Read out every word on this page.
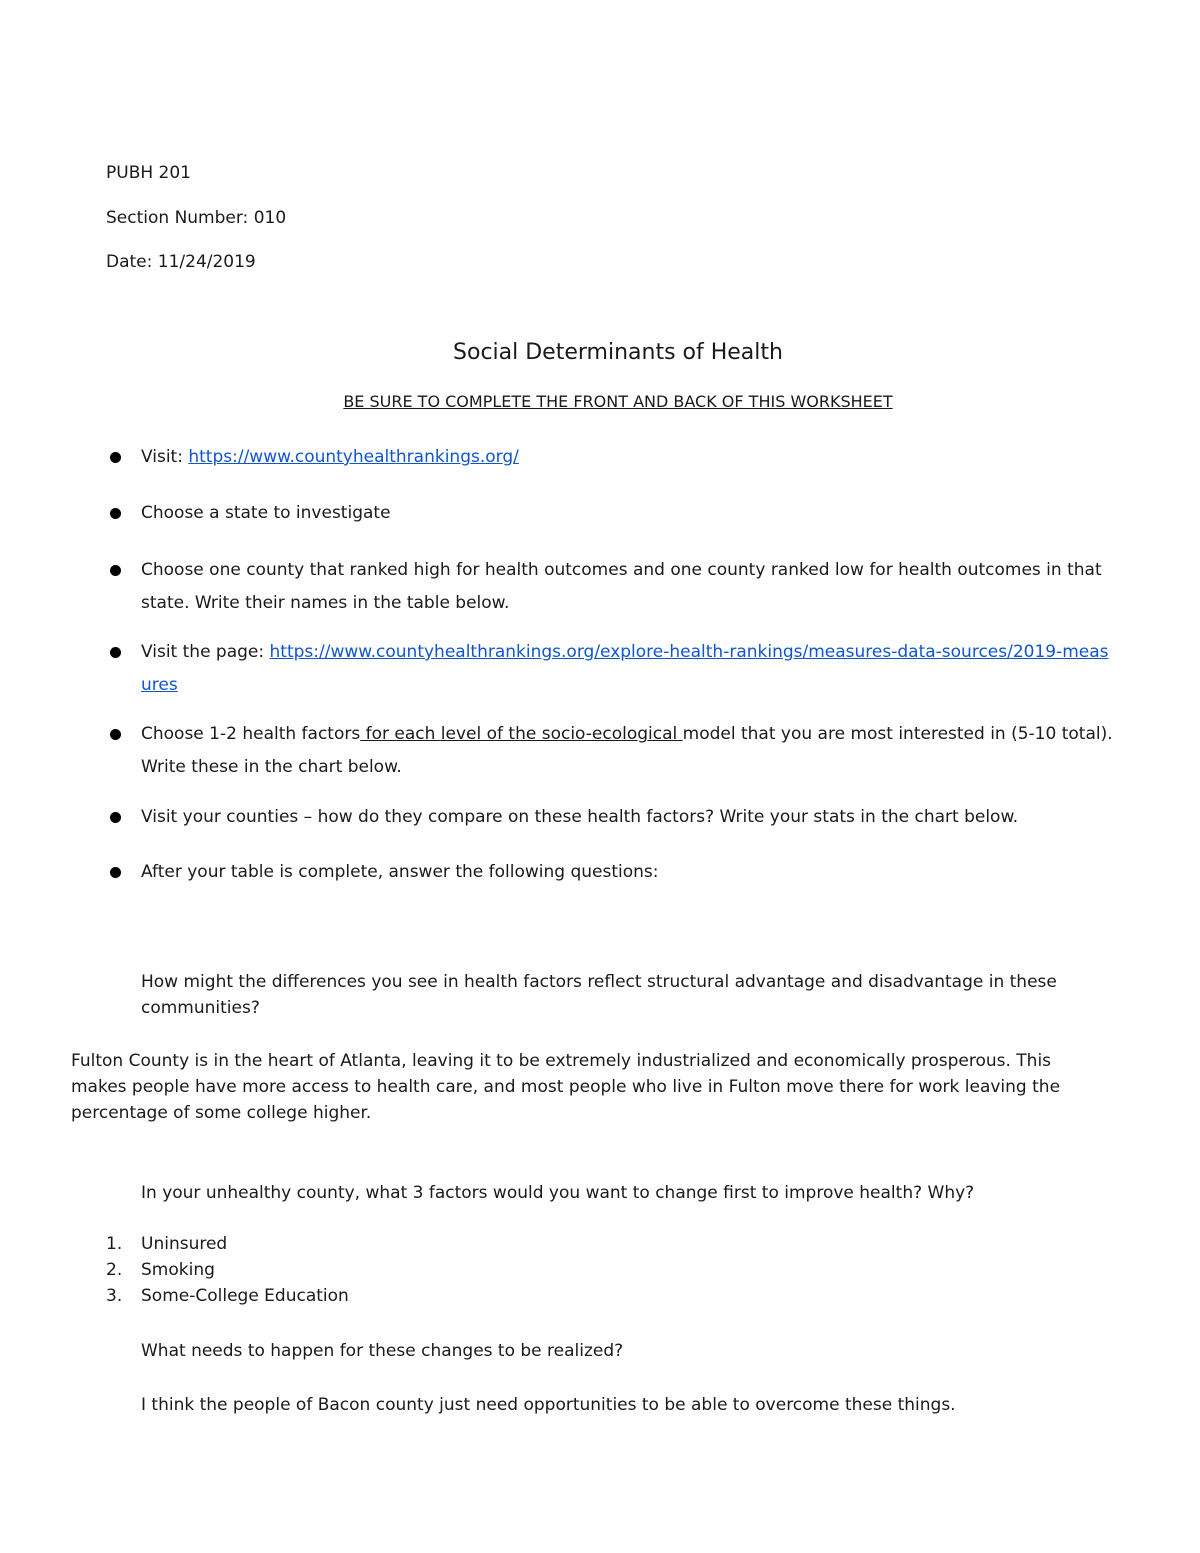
PUBH 201
Section Number: 010
Date: 11/24/2019
Social Determinants of Health
BE SURE TO COMPLETE THE FRONT AND BACK OF THIS WORKSHEET
Visit: https://www.countyhealthrankings.org/
Choose a state to investigate
Choose one county that ranked high for health outcomes and one county ranked low for health outcomes in that state. Write their names in the table below.
Visit the page: https://www.countyhealthrankings.org/explore-health-rankings/measures-data-sources/2019-measures
Choose 1-2 health factors for each level of the socio-ecological model that you are most interested in (5-10 total). Write these in the chart below.
Visit your counties – how do they compare on these health factors? Write your stats in the chart below.
After your table is complete, answer the following questions:
How might the differences you see in health factors reflect structural advantage and disadvantage in these communities?
Fulton County is in the heart of Atlanta, leaving it to be extremely industrialized and economically prosperous. This makes people have more access to health care, and most people who live in Fulton move there for work leaving the percentage of some college higher.
In your unhealthy county, what 3 factors would you want to change first to improve health? Why?
1. Uninsured
2. Smoking
3. Some-College Education
What needs to happen for these changes to be realized?
I think the people of Bacon county just need opportunities to be able to overcome these things.
